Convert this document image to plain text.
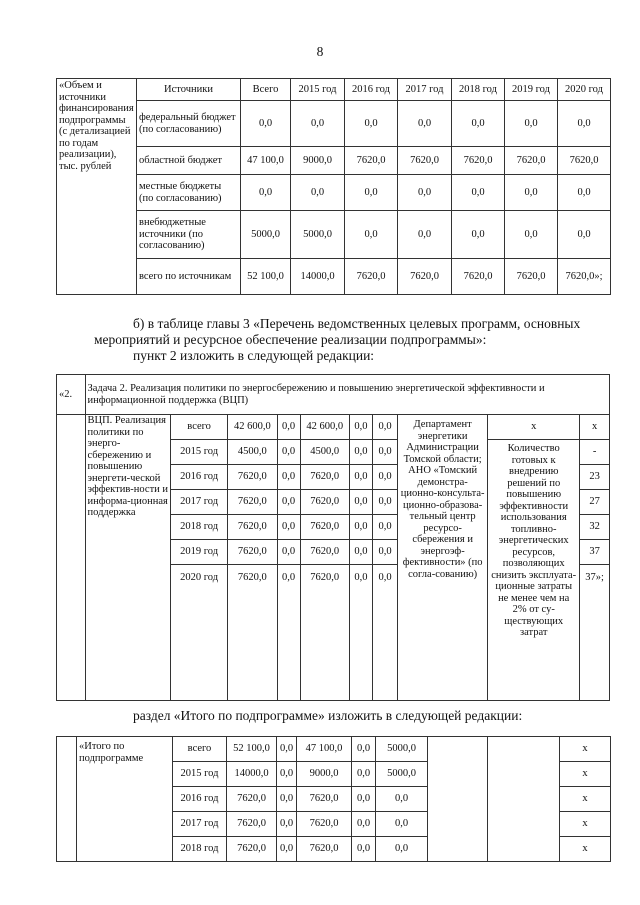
8
«Объем и источники финансирования подпрограммы (с детализацией по годам реализации), тыс. рублей	Источники	Всего	2015 год	2016 год	2017 год	2018 год	2019 год	2020 год
	федеральный бюджет (по согласованию)	0,0	0,0	0,0	0,0	0,0	0,0	0,0
	областной бюджет	47 100,0	9000,0	7620,0	7620,0	7620,0	7620,0	7620,0
	местные бюджеты (по согласованию)	0,0	0,0	0,0	0,0	0,0	0,0	0,0
	внебюджетные источники (по согласованию)	5000,0	5000,0	0,0	0,0	0,0	0,0	0,0
	всего по источникам	52 100,0	14000,0	7620,0	7620,0	7620,0	7620,0	7620,0»;
б) в таблице главы 3 «Перечень ведомственных целевых программ, основных
мероприятий и ресурсное обеспечение реализации подпрограммы»:
пункт 2 изложить в следующей редакции:
«2.	Задача 2. Реализация политики по энергосбережению и повышению энергетической эффективности и информационной поддержка (ВЦП)									
	ВЦП. Реализация политики по энерго-сбережению и повышению энергети-ческой эффектив-ности и информа-ционная поддержка	всего	42 600,0	0,0	42 600,0	0,0	0,0	Департамент энергетики Администрации Томской области; АНО «Томский демонстра-ционно-консульта-ционно-образова-тельный центр ресурсо-сбережения и энергоэф-фективности» (по согла-сованию)	x	x
		2015 год	4500,0	0,0	4500,0	0,0	0,0		Количество готовых к внедрению решений по повышению эффективности использования топливно-энергетических ресурсов, позволяющих снизить эксплуата-ционные затраты не менее чем на 2% от су-ществующих затрат	-
		2016 год	7620,0	0,0	7620,0	0,0	0,0			23
		2017 год	7620,0	0,0	7620,0	0,0	0,0			27
		2018 год	7620,0	0,0	7620,0	0,0	0,0			32
		2019 год	7620,0	0,0	7620,0	0,0	0,0			37
		2020 год	7620,0	0,0	7620,0	0,0	0,0			37»;
раздел «Итого по подпрограмме» изложить в следующей редакции:
	«Итого по подпрограмме	всего	52 100,0	0,0	47 100,0	0,0	5000,0			x
		2015 год	14000,0	0,0	9000,0	0,0	5000,0			x
		2016 год	7620,0	0,0	7620,0	0,0	0,0			x
		2017 год	7620,0	0,0	7620,0	0,0	0,0			x
		2018 год	7620,0	0,0	7620,0	0,0	0,0			x
